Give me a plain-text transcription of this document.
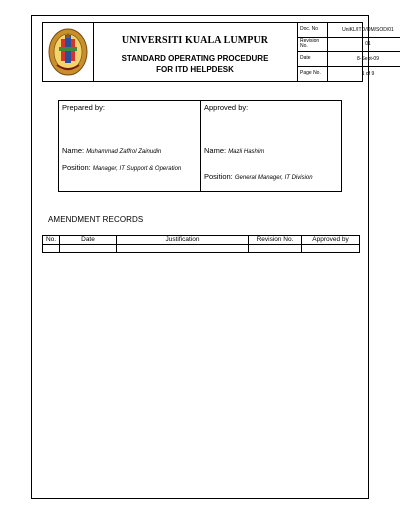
UNIVERSITI KUALA LUMPUR
STANDARD OPERATING PROCEDURE
FOR ITD HELPDESK
Doc. No	UniKL/ITD/OM/SOD/01
Revision No.	01
Date	8-Sept-09
Page No.	1 of 9
Prepared by:
Name: Muhammad Zaffrol Zainudin
Position: Manager, IT Support & Operation
Approved by:
Name: Mazli Hashim
Position: General Manager, IT Division
AMENDMENT RECORDS
No.	Date	Justification	Revision No.	Approved by
